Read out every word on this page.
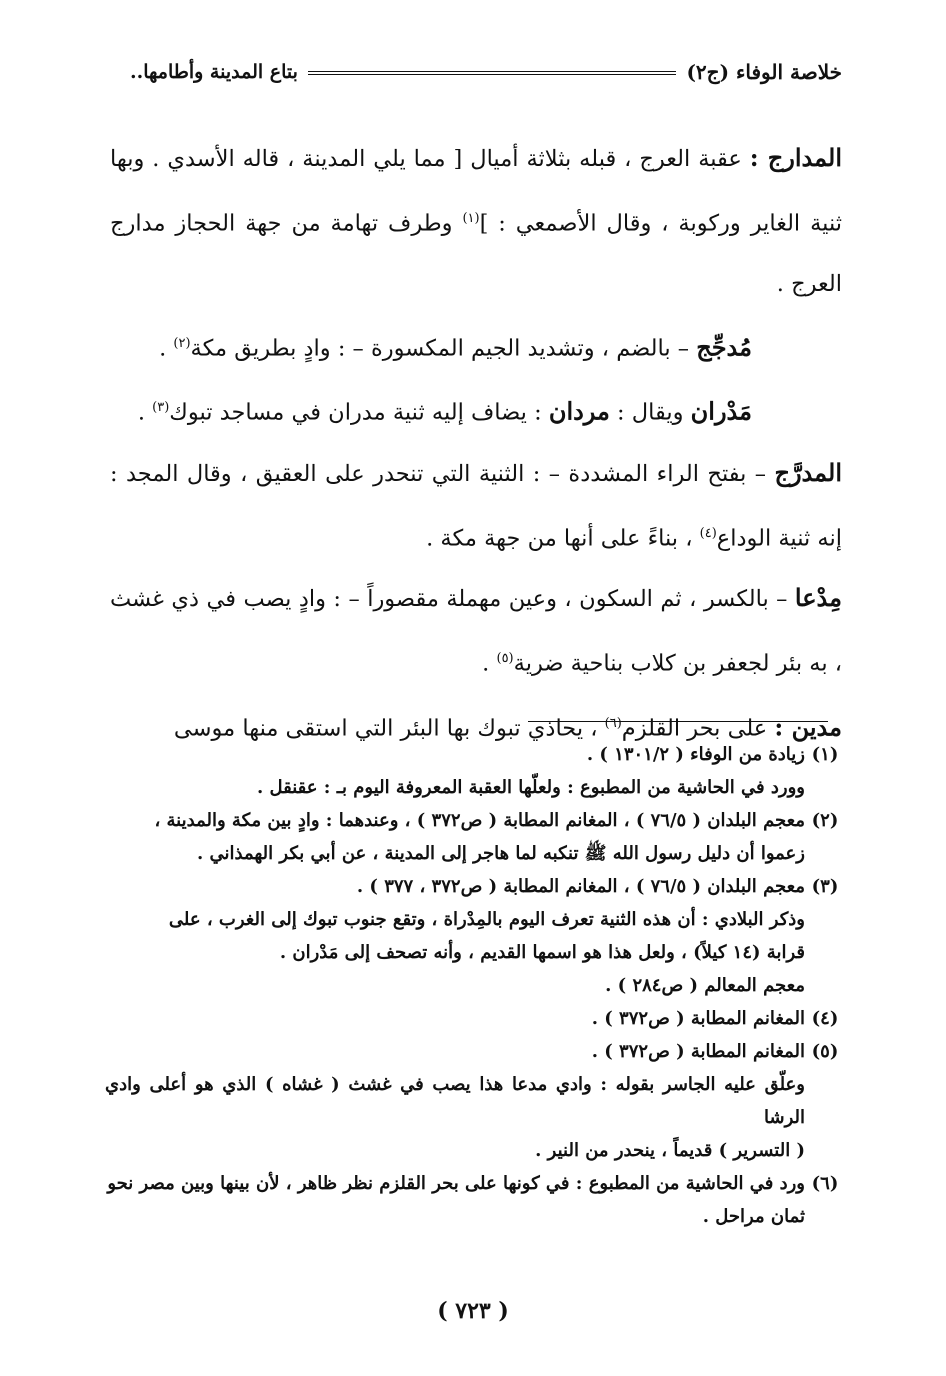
خلاصة الوفاء (ج٢)
بتاع المدينة وأطامها..

المدارج : عقبة العرج ، قبله بثلاثة أميال [ مما يلي المدينة ، قاله الأسدي . وبها ثنية الغاير وركوبة ، وقال الأصمعي : ]$^{(١)}$ وطرف تهامة من جهة الحجاز مدارج العرج .

مُدجِّج – بالضم ، وتشديد الجيم المكسورة – : وادٍ بطريق مكة$^{(٢)}$ .

مَدْران ويقال : مردان : يضاف إليه ثنية مدران في مساجد تبوك$^{(٣)}$ .

المدرَّج – بفتح الراء المشددة – : الثنية التي تنحدر على العقيق ، وقال المجد : إنه ثنية الوداع$^{(٤)}$ ، بناءً على أنها من جهة مكة .

مِدْعا – بالكسر ، ثم السكون ، وعين مهملة مقصوراً – : وادٍ يصب في ذي غشث ، به بئر لجعفر بن كلاب بناحية ضرية$^{(٥)}$ .

مدين : على بحر القلزم$^{(٦)}$ ، يحاذي تبوك بها البئر التي استقى منها موسى

(١)
زيادة من الوفاء ( ١٣٠١/٢ ) .
وورد في الحاشية من المطبوع : ولعلّها العقبة المعروفة اليوم بـ : عقنقل .
(٢)
معجم البلدان ( ٧٦/٥ ) ، المغانم المطابة ( ص٣٧٢ ) ، وعندهما : وادٍ بين مكة والمدينة ،
زعموا أن دليل رسول الله ﷺ تنكبه لما هاجر إلى المدينة ، عن أبي بكر الهمذاني .
(٣)
معجم البلدان ( ٧٦/٥ ) ، المغانم المطابة ( ص٣٧٢ ، ٣٧٧ ) .
وذكر البلادي : أن هذه الثنية تعرف اليوم بالمِدْراة ، وتقع جنوب تبوك إلى الغرب ، على
قرابة (١٤ كيلاً) ، ولعل هذا هو اسمها القديم ، وأنه تصحف إلى مَدْران .
معجم المعالم ( ص٢٨٤ ) .
(٤)
المغانم المطابة ( ص٣٧٢ ) .
(٥)
المغانم المطابة ( ص٣٧٢ ) .
وعلّق عليه الجاسر بقوله : وادي مدعا هذا يصب في غشث ( غشاه ) الذي هو أعلى وادي الرشا
( التسرير ) قديماً ، ينحدر من النير .
(٦)
ورد في الحاشية من المطبوع : في كونها على بحر القلزم نظر ظاهر ، لأن بينها وبين مصر نحو
ثمان مراحل .
( ٧٢٣ )
